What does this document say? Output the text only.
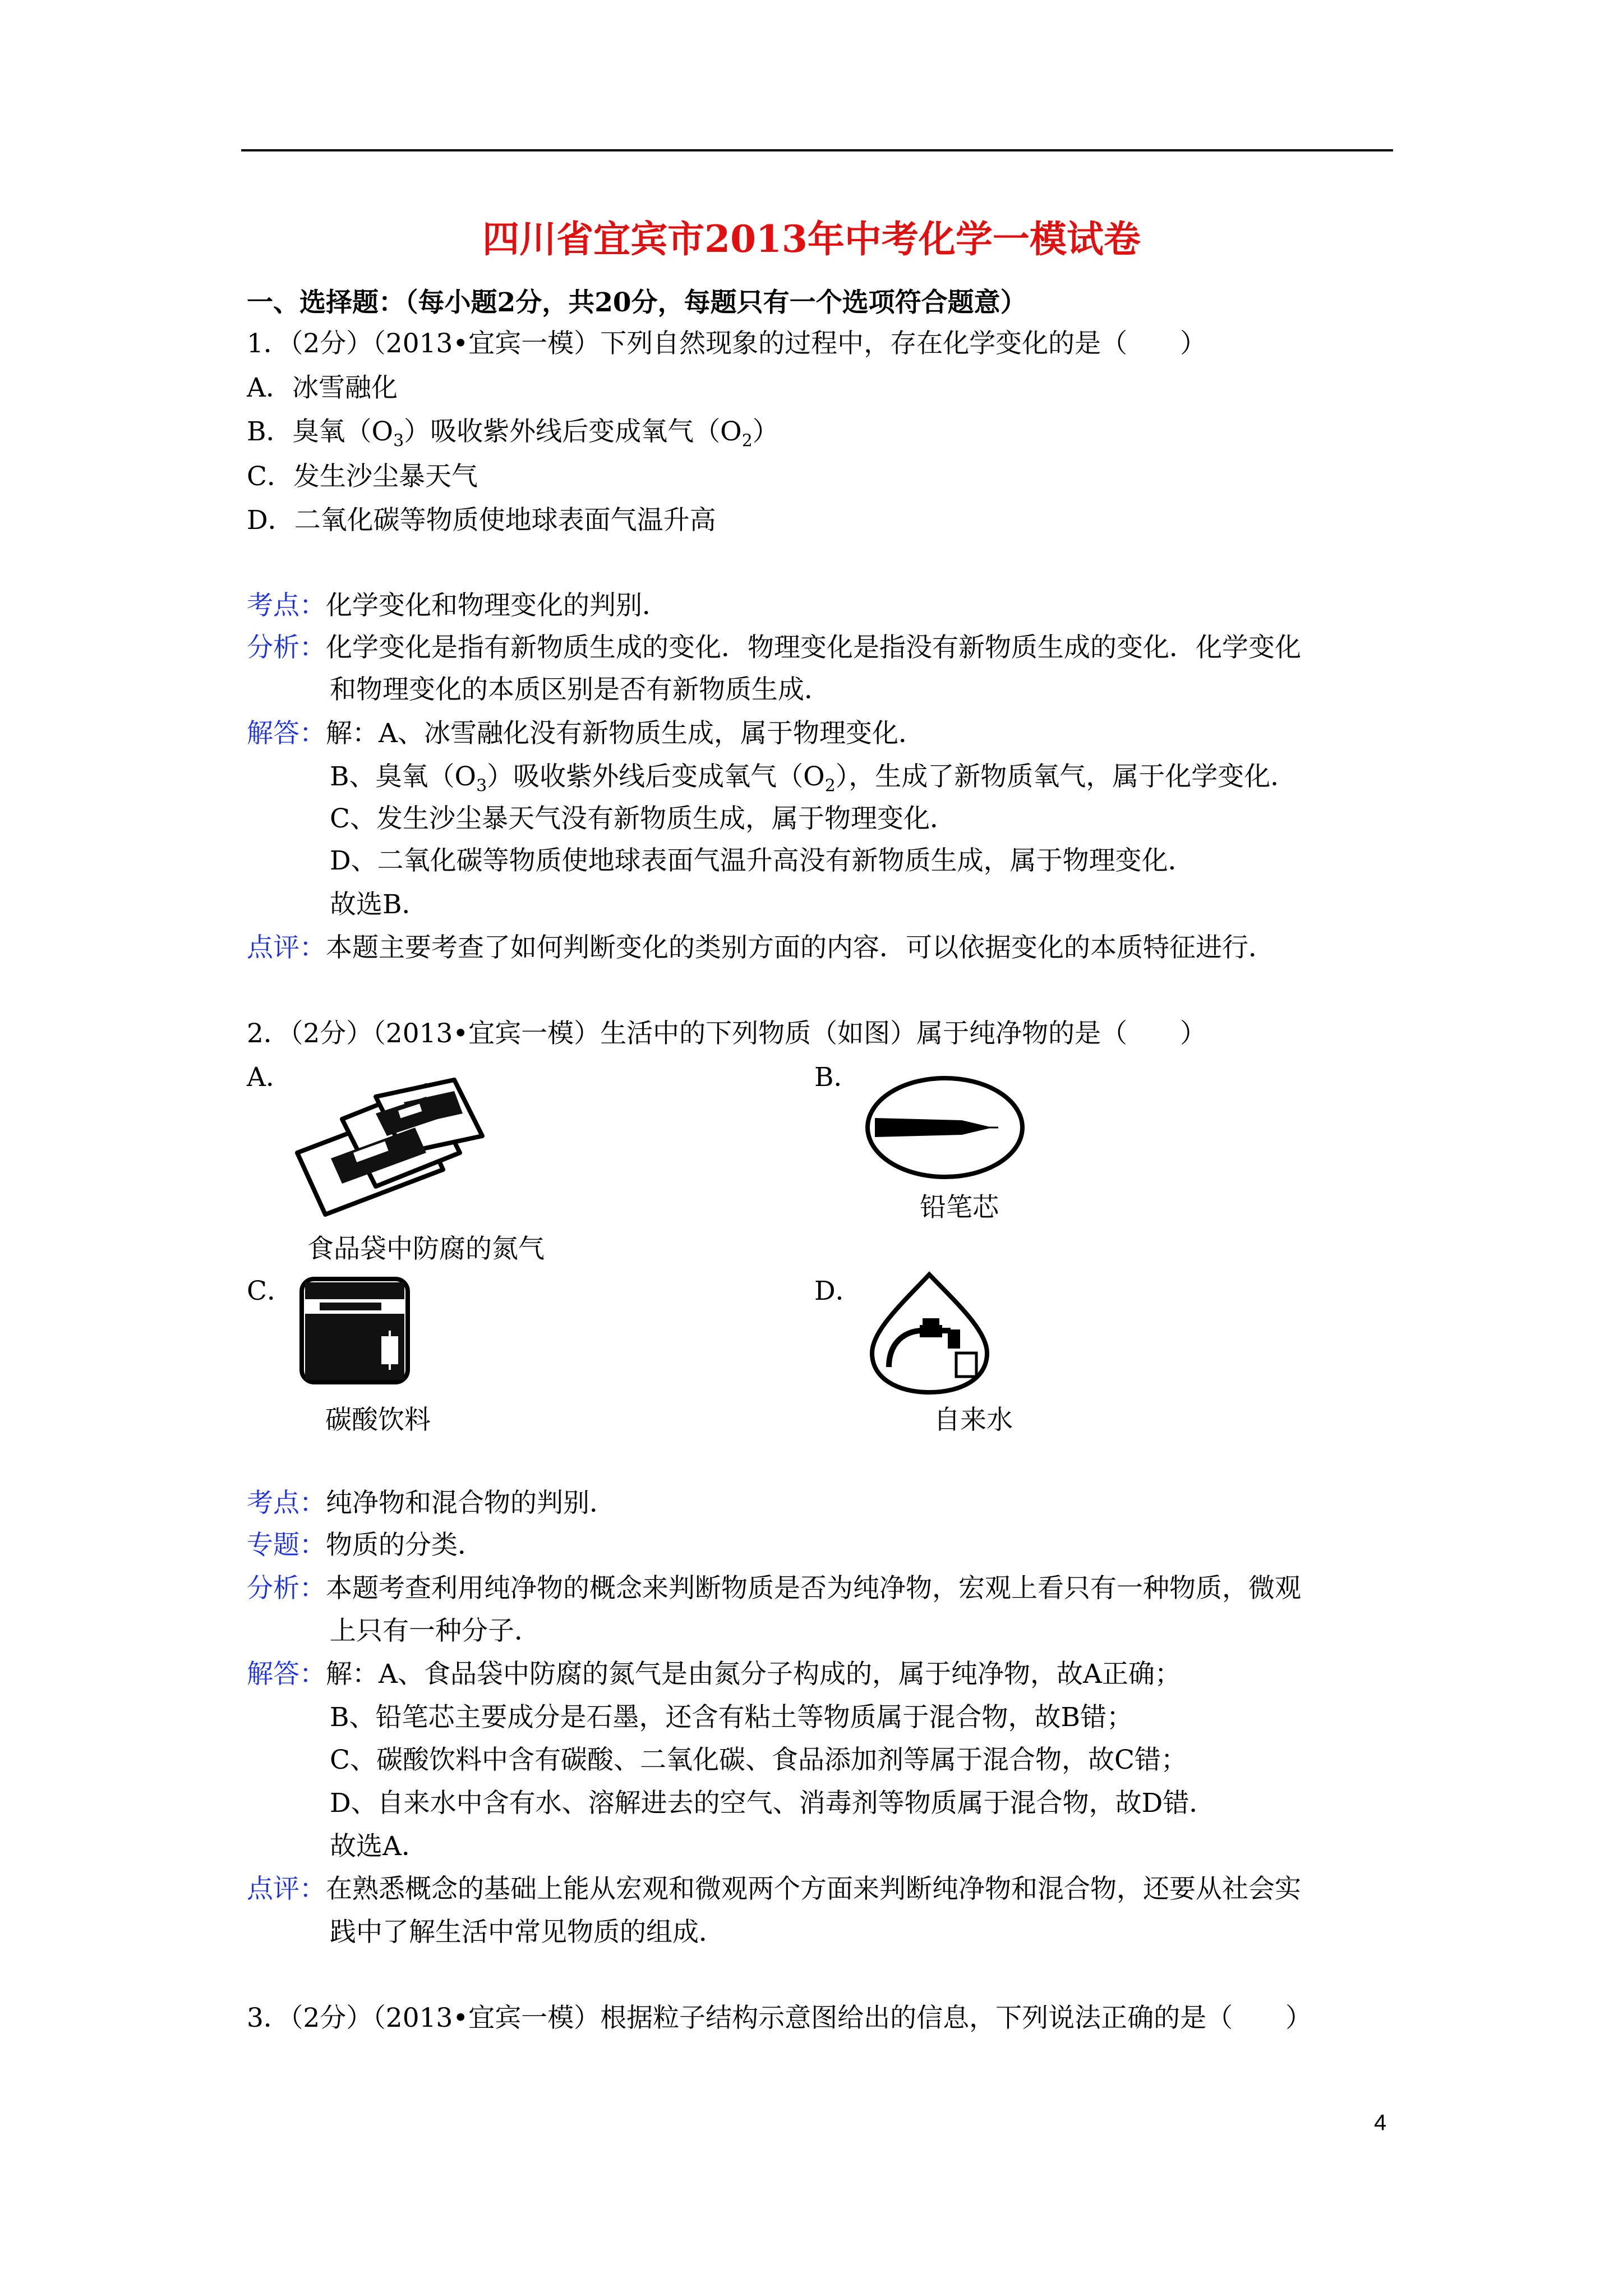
四川省宜宾市2013年中考化学一模试卷
一、选择题：（每小题2分，共20分，每题只有一个选项符合题意）
1．（2分）（2013•宜宾一模）下列自然现象的过程中，存在化学变化的是（　　）
A．冰雪融化
B．臭氧$(O_3)$吸收紫外线后变成氧气$(O_2)$
C．发生沙尘暴天气
D．二氧化碳等物质使地球表面气温升高
考点：化学变化和物理变化的判别．
分析：化学变化是指有新物质生成的变化．物理变化是指没有新物质生成的变化．化学变化
和物理变化的本质区别是否有新物质生成．
解答：解：A、冰雪融化没有新物质生成，属于物理变化．
B、臭氧$(O_3)$吸收紫外线后变成氧气$(O_2)$，生成了新物质氧气，属于化学变化．
C、发生沙尘暴天气没有新物质生成，属于物理变化．
D、二氧化碳等物质使地球表面气温升高没有新物质生成，属于物理变化．
故选B．
点评：本题主要考查了如何判断变化的类别方面的内容．可以依据变化的本质特征进行．
2．（2分）（2013•宜宾一模）生活中的下列物质（如图）属于纯净物的是（　　）
A．	B．
铅笔芯
食品袋中防腐的氮气
C．	D．
碳酸饮料	自来水
考点：纯净物和混合物的判别．
专题：物质的分类．
分析：本题考查利用纯净物的概念来判断物质是否为纯净物，宏观上看只有一种物质，微观
上只有一种分子．
解答：解：A、食品袋中防腐的氮气是由氮分子构成的，属于纯净物，故A正确；
B、铅笔芯主要成分是石墨，还含有粘土等物质属于混合物，故B错；
C、碳酸饮料中含有碳酸、二氧化碳、食品添加剂等属于混合物，故C错；
D、自来水中含有水、溶解进去的空气、消毒剂等物质属于混合物，故D错．
故选A．
点评：在熟悉概念的基础上能从宏观和微观两个方面来判断纯净物和混合物，还要从社会实
践中了解生活中常见物质的组成．
3．（2分）（2013•宜宾一模）根据粒子结构示意图给出的信息，下列说法正确的是（　　）
4
